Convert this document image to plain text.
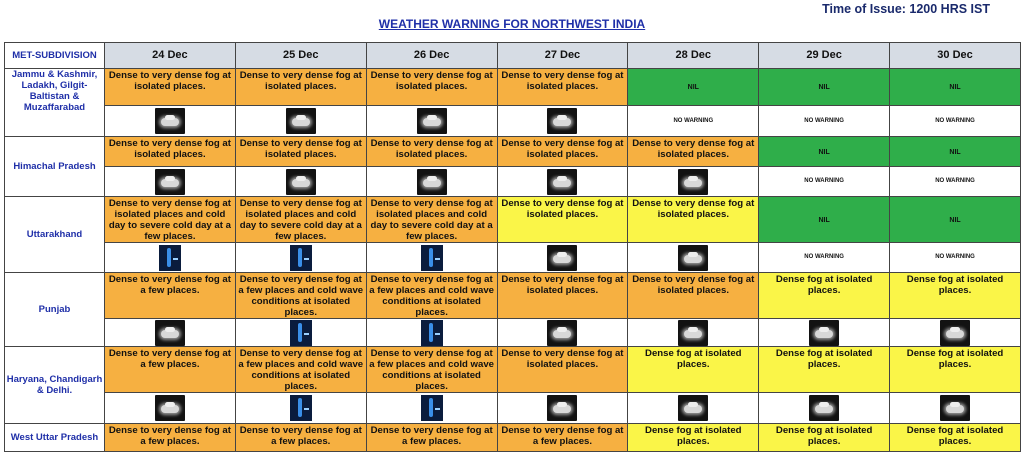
Time of Issue: 1200 HRS IST
WEATHER WARNING FOR NORTHWEST INDIA
MET-SUBDIVISION	24 Dec	25 Dec	26 Dec	27 Dec	28 Dec	29 Dec	30 Dec
Jammu & Kashmir, Ladakh, Gilgit-Baltistan & Muzaffarabad	Dense to very dense fog at isolated places.	Dense to very dense fog at isolated places.	Dense to very dense fog at isolated places.	Dense to very dense fog at isolated places.	NIL	NIL	NIL

					NO WARNING	NO WARNING	NO WARNING
Himachal Pradesh	Dense to very dense fog at isolated places.	Dense to very dense fog at isolated places.	Dense to very dense fog at isolated places.	Dense to very dense fog at isolated places.	Dense to very dense fog at isolated places.	NIL	NIL

						NO WARNING	NO WARNING
Uttarakhand	Dense to very dense fog at isolated places and cold day to severe cold day at a few places.	Dense to very dense fog at isolated places and cold day to severe cold day at a few places.	Dense to very dense fog at isolated places and cold day to severe cold day at a few places.	Dense to very dense fog at isolated places.	Dense to very dense fog at isolated places.	NIL	NIL

						NO WARNING	NO WARNING
Punjab	Dense to very dense fog at a few places.	Dense to very dense fog at a few places and cold wave conditions at isolated places.	Dense to very dense fog at a few places and cold wave conditions at isolated places.	Dense to very dense fog at isolated places.	Dense to very dense fog at isolated places.	Dense fog at isolated places.	Dense fog at isolated places.

Haryana, Chandigarh & Delhi.	Dense to very dense fog at a few places.	Dense to very dense fog at a few places and cold wave conditions at isolated places.	Dense to very dense fog at a few places and cold wave conditions at isolated places.	Dense to very dense fog at isolated places.	Dense fog at isolated places.	Dense fog at isolated places.	Dense fog at isolated places.

West Uttar Pradesh	Dense to very dense fog at a few places.	Dense to very dense fog at a few places.	Dense to very dense fog at a few places.	Dense to very dense fog at a few places.	Dense fog at isolated places.	Dense fog at isolated places.	Dense fog at isolated places.
